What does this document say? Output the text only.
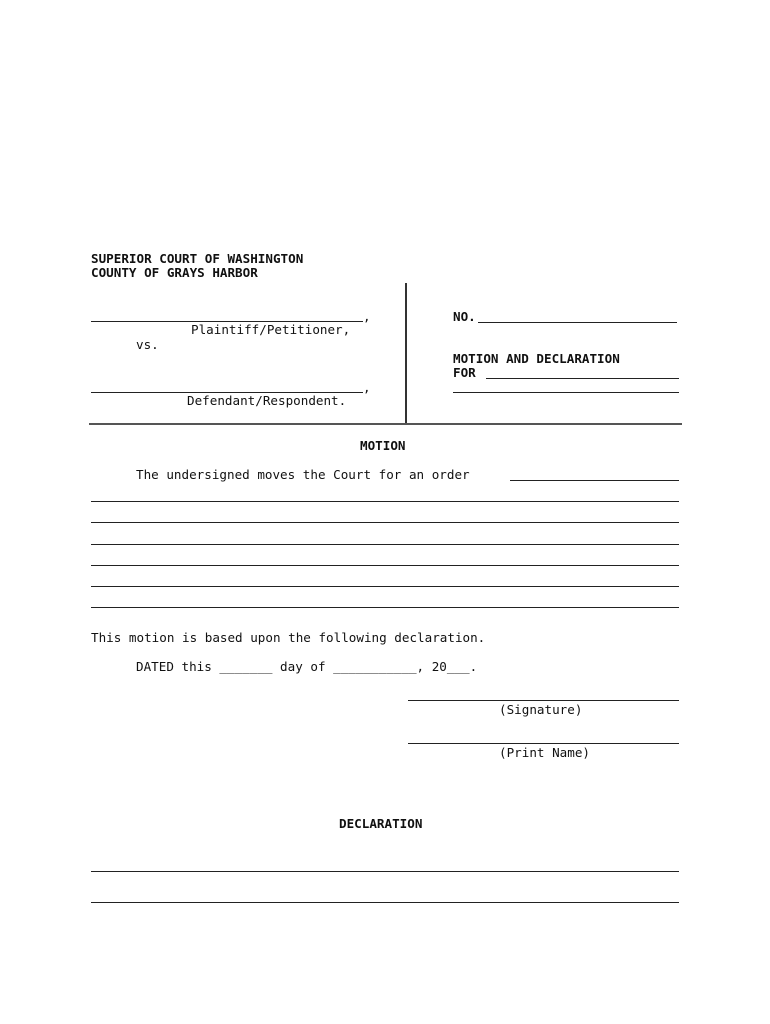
SUPERIOR COURT OF WASHINGTON
COUNTY OF GRAYS HARBOR
,
Plaintiff/Petitioner,
vs.
,
Defendant/Respondent.
NO.
MOTION AND DECLARATION
FOR
MOTION
The undersigned moves the Court for an order
This motion is based upon the following declaration.
DATED this _______ day of ___________, 20___.
(Signature)
(Print Name)
DECLARATION
